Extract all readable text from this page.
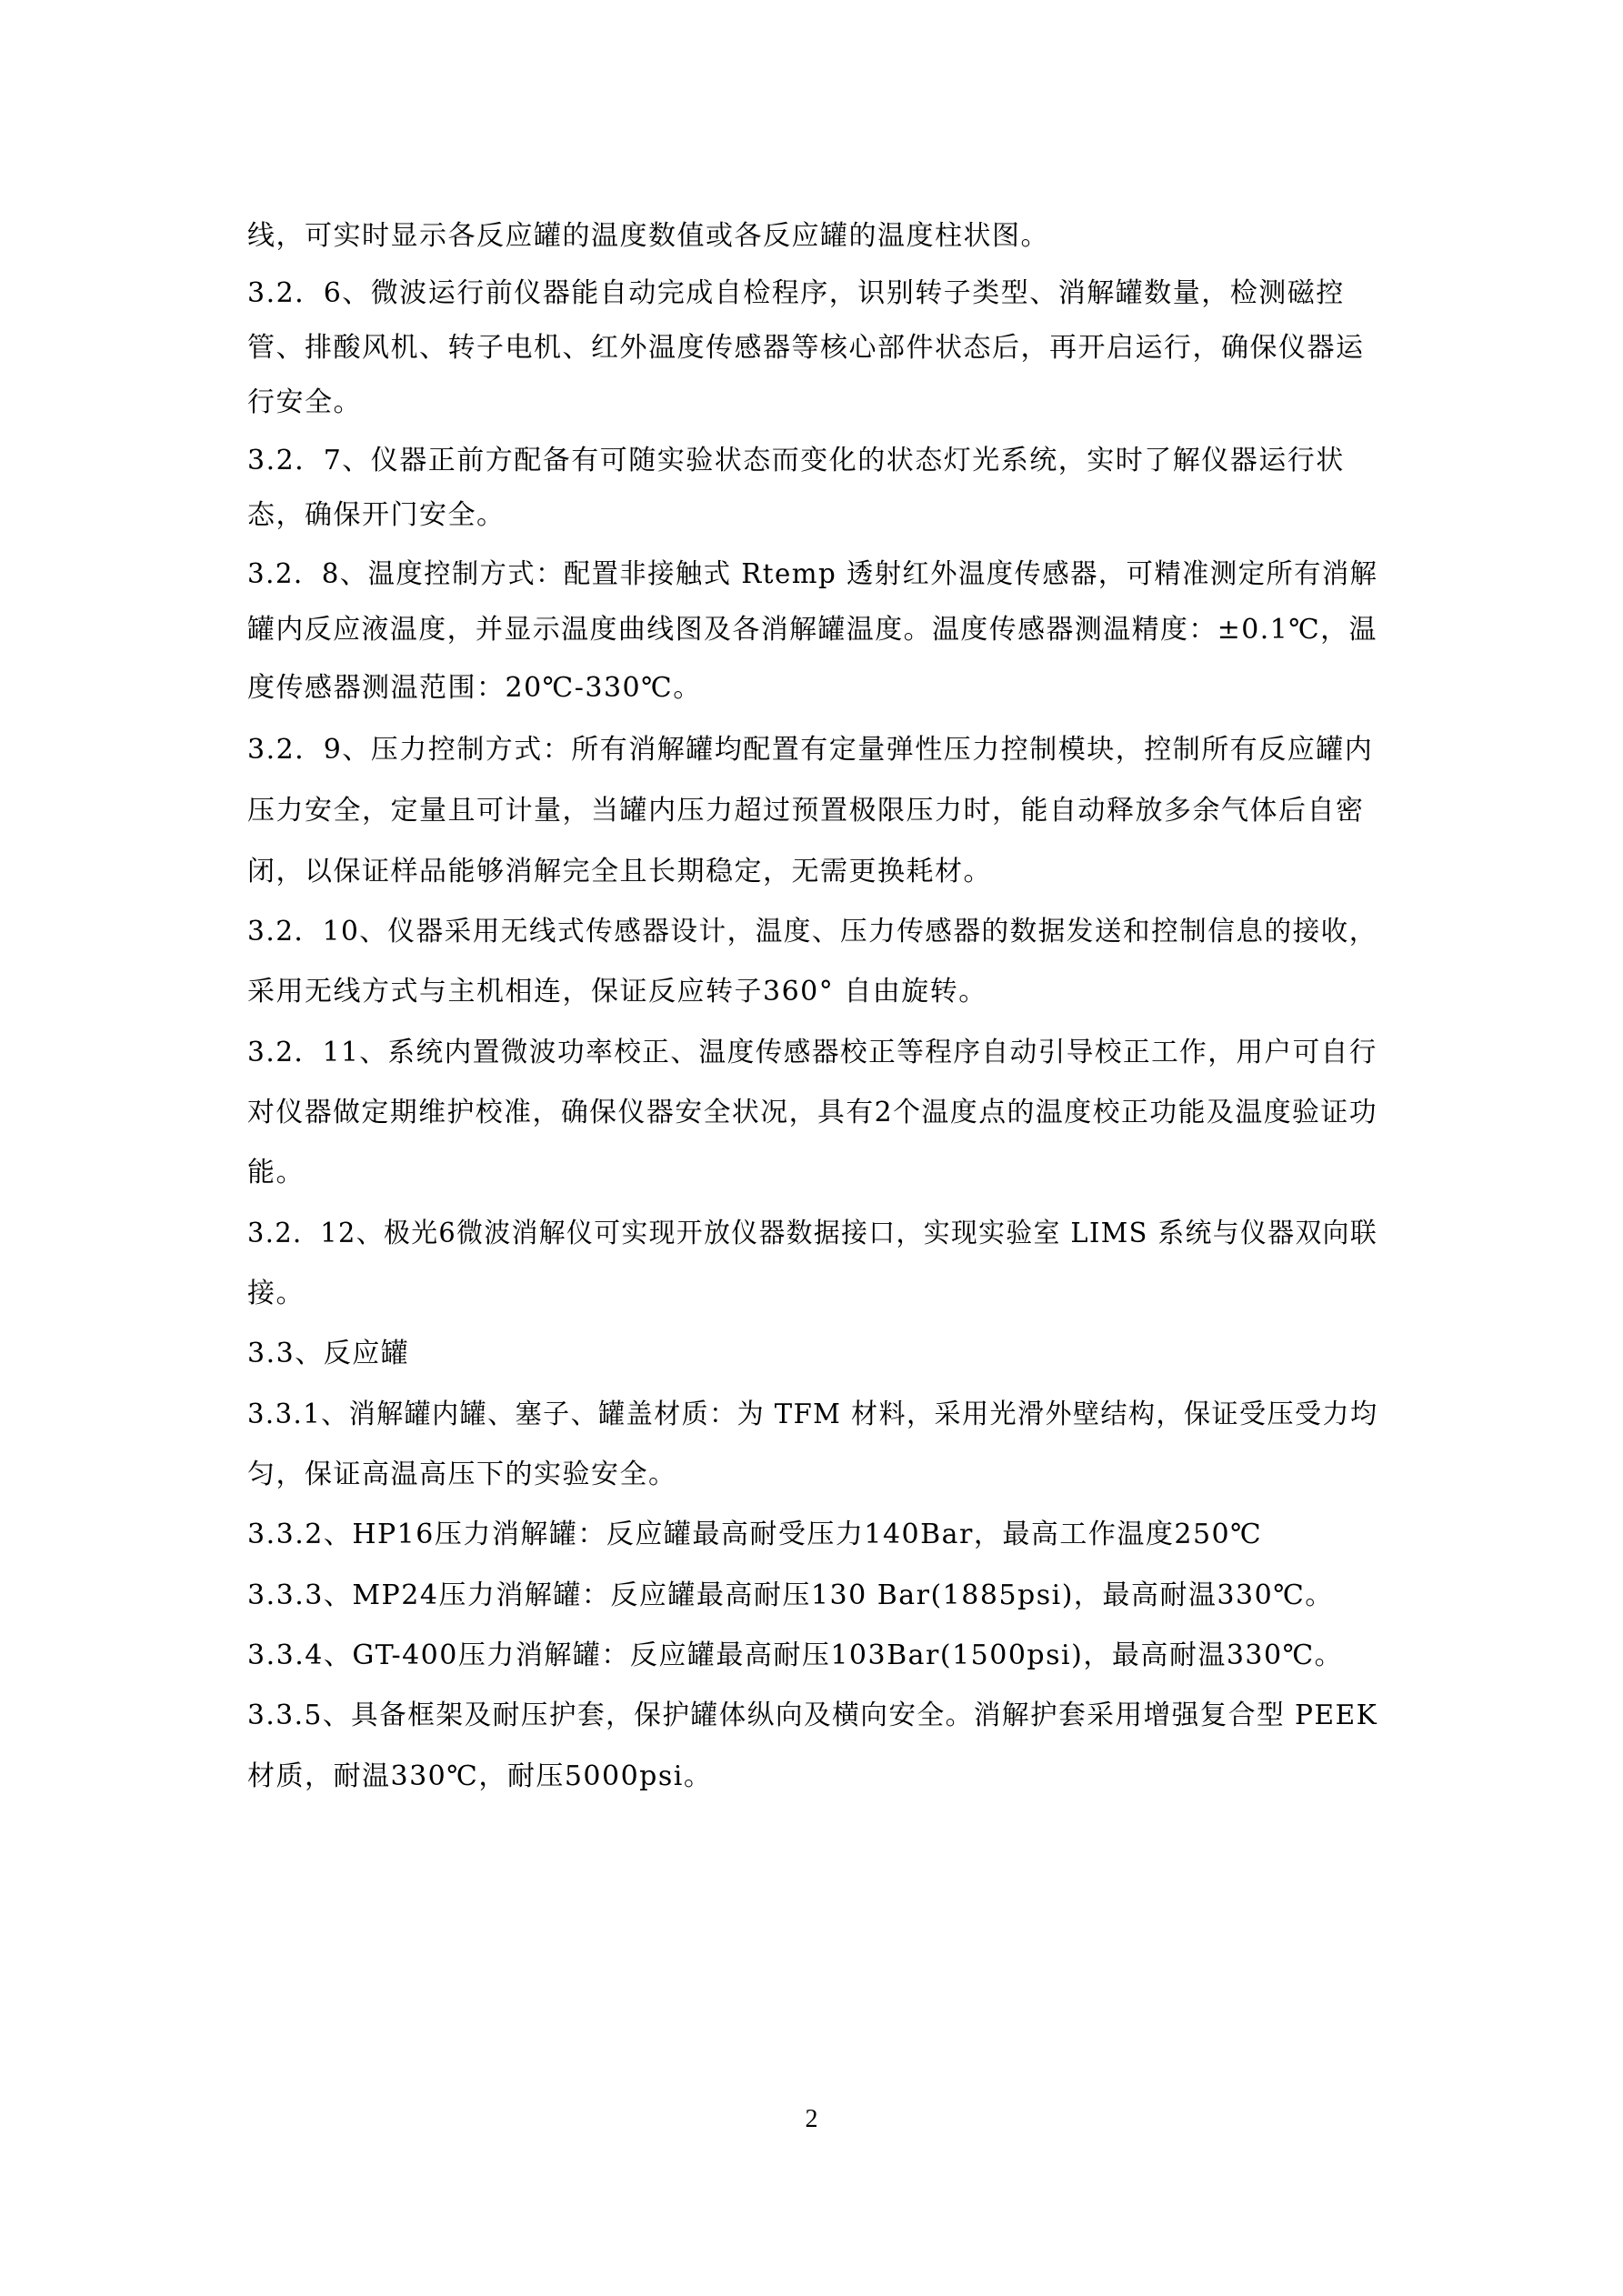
线，可实时显示各反应罐的温度数值或各反应罐的温度柱状图。
3.2．6、微波运行前仪器能自动完成自检程序，识别转子类型、消解罐数量，检测磁控
管、排酸风机、转子电机、红外温度传感器等核心部件状态后，再开启运行，确保仪器运
行安全。
3.2．7、仪器正前方配备有可随实验状态而变化的状态灯光系统，实时了解仪器运行状
态，确保开门安全。
3.2．8、温度控制方式：配置非接触式 Rtemp 透射红外温度传感器，可精准测定所有消解
罐内反应液温度，并显示温度曲线图及各消解罐温度。温度传感器测温精度：±0.1℃，温
度传感器测温范围：20℃-330℃。
3.2．9、压力控制方式：所有消解罐均配置有定量弹性压力控制模块，控制所有反应罐内
压力安全，定量且可计量，当罐内压力超过预置极限压力时，能自动释放多余气体后自密
闭，以保证样品能够消解完全且长期稳定，无需更换耗材。
3.2．10、仪器采用无线式传感器设计，温度、压力传感器的数据发送和控制信息的接收，
采用无线方式与主机相连，保证反应转子360° 自由旋转。
3.2．11、系统内置微波功率校正、温度传感器校正等程序自动引导校正工作，用户可自行
对仪器做定期维护校准，确保仪器安全状况，具有2个温度点的温度校正功能及温度验证功
能。
3.2．12、极光6微波消解仪可实现开放仪器数据接口，实现实验室 LIMS 系统与仪器双向联
接。
3.3、反应罐
3.3.1、消解罐内罐、塞子、罐盖材质：为 TFM 材料，采用光滑外壁结构，保证受压受力均
匀，保证高温高压下的实验安全。
3.3.2、HP16压力消解罐：反应罐最高耐受压力140Bar，最高工作温度250℃
3.3.3、MP24压力消解罐：反应罐最高耐压130 Bar(1885psi)，最高耐温330℃。
3.3.4、GT-400压力消解罐：反应罐最高耐压103Bar(1500psi)，最高耐温330℃。
3.3.5、具备框架及耐压护套，保护罐体纵向及横向安全。消解护套采用增强复合型 PEEK
材质，耐温330℃，耐压5000psi。
2
